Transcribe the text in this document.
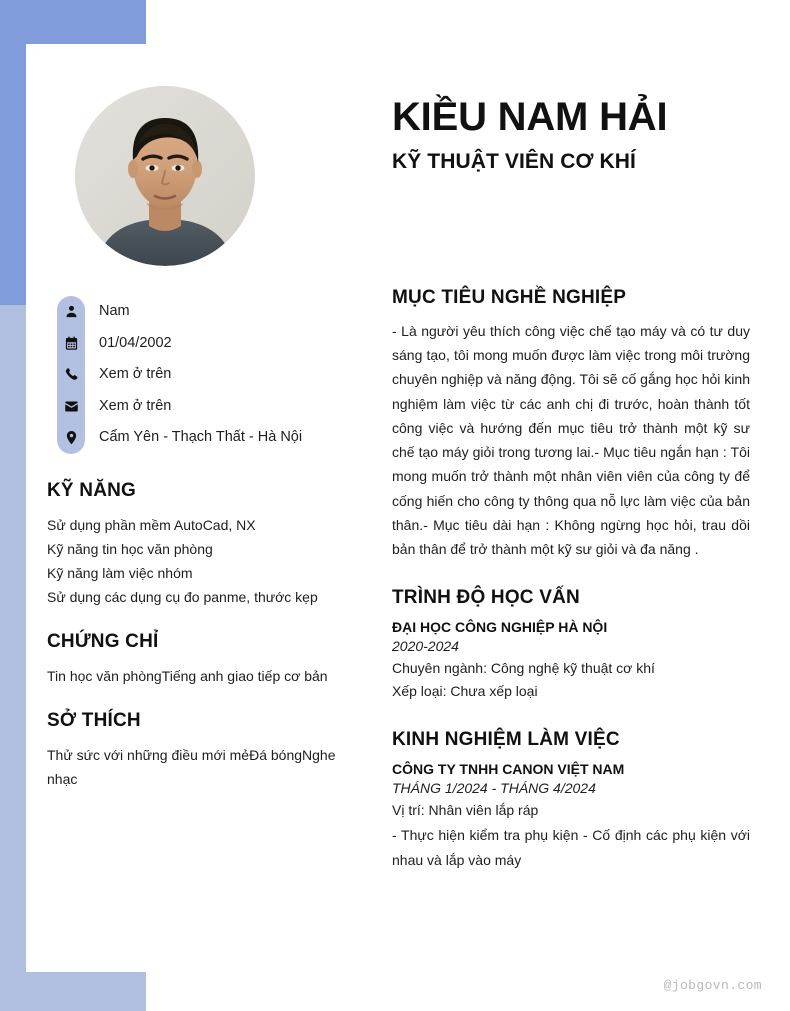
Nam
01/04/2002
Xem ở trên
Xem ở trên
Cẩm Yên - Thạch Thất - Hà Nội
KỸ NĂNG
Sử dụng phần mềm AutoCad, NX
Kỹ năng tin học văn phòng
Kỹ năng làm việc nhóm
Sử dụng các dụng cụ đo panme, thước kẹp
CHỨNG CHỈ
Tin học văn phòngTiếng anh giao tiếp cơ bản
SỞ THÍCH
Thử sức với những điều mới mẻĐá bóngNghe nhạc
KIỀU NAM HẢI
KỸ THUẬT VIÊN CƠ KHÍ
MỤC TIÊU NGHỀ NGHIỆP
- Là người yêu thích công việc chế tạo máy và có tư duy sáng tạo, tôi mong muốn được làm việc trong môi trường chuyên nghiệp và năng động. Tôi sẽ cố gắng học hỏi kinh nghiệm làm việc từ các anh chị đi trước, hoàn thành tốt công việc và hướng đến mục tiêu trở thành một kỹ sư chế tạo máy giỏi trong tương lai.- Mục tiêu ngắn hạn : Tôi mong muốn trở thành một nhân viên viên của công ty để cống hiến cho công ty thông qua nỗ lực làm việc của bản thân.- Mục tiêu dài hạn : Không ngừng học hỏi, trau dồi bản thân để trở thành một kỹ sư giỏi và đa năng .
TRÌNH ĐỘ HỌC VẤN
ĐẠI HỌC CÔNG NGHIỆP HÀ NỘI
2020-2024
Chuyên ngành: Công nghệ kỹ thuật cơ khí
Xếp loại: Chưa xếp loại
KINH NGHIỆM LÀM VIỆC
CÔNG TY TNHH CANON VIỆT NAM
THÁNG 1/2024 - THÁNG 4/2024
Vị trí: Nhân viên lắp ráp
- Thực hiện kiểm tra phụ kiện - Cố định các phụ kiện với nhau và lắp vào máy
@jobgovn.com
